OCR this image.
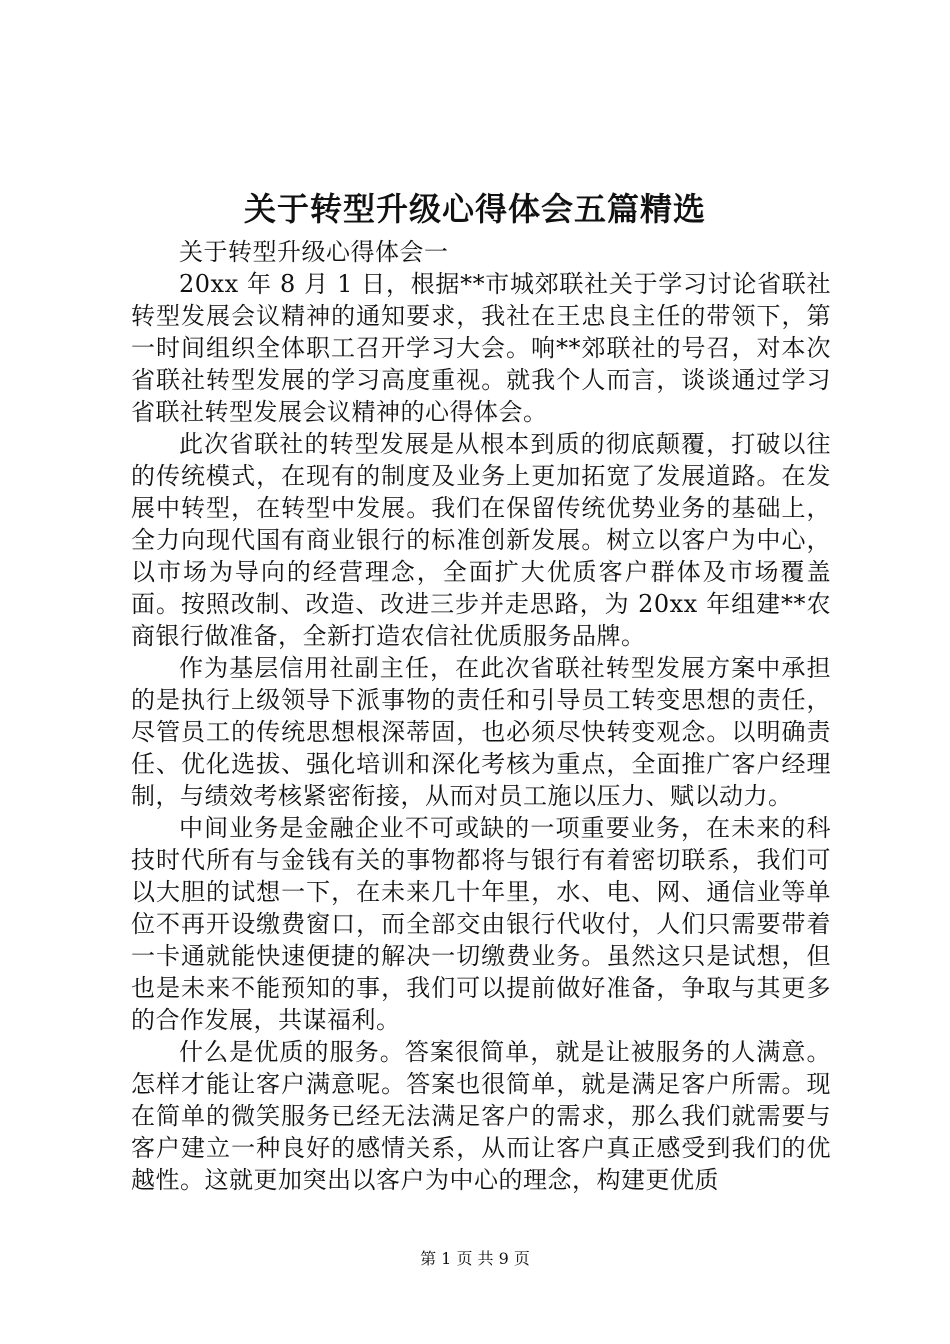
关于转型升级心得体会五篇精选

关于转型升级心得体会一

20xx 年 8 月 1 日，根据**市城郊联社关于学习讨论省联社转型发展会议精神的通知要求，我社在王忠良主任的带领下，第一时间组织全体职工召开学习大会。响**郊联社的号召，对本次省联社转型发展的学习高度重视。就我个人而言，谈谈通过学习省联社转型发展会议精神的心得体会。

此次省联社的转型发展是从根本到质的彻底颠覆，打破以往的传统模式，在现有的制度及业务上更加拓宽了发展道路。在发展中转型，在转型中发展。我们在保留传统优势业务的基础上，全力向现代国有商业银行的标准创新发展。树立以客户为中心，以市场为导向的经营理念，全面扩大优质客户群体及市场覆盖面。按照改制、改造、改进三步并走思路，为 20xx 年组建**农商银行做准备，全新打造农信社优质服务品牌。

作为基层信用社副主任，在此次省联社转型发展方案中承担的是执行上级领导下派事物的责任和引导员工转变思想的责任，尽管员工的传统思想根深蒂固，也必须尽快转变观念。以明确责任、优化选拔、强化培训和深化考核为重点，全面推广客户经理制，与绩效考核紧密衔接，从而对员工施以压力、赋以动力。

中间业务是金融企业不可或缺的一项重要业务，在未来的科技时代所有与金钱有关的事物都将与银行有着密切联系，我们可以大胆的试想一下，在未来几十年里，水、电、网、通信业等单位不再开设缴费窗口，而全部交由银行代收付，人们只需要带着一卡通就能快速便捷的解决一切缴费业务。虽然这只是试想，但也是未来不能预知的事，我们可以提前做好准备，争取与其更多的合作发展，共谋福利。

什么是优质的服务。答案很简单，就是让被服务的人满意。怎样才能让客户满意呢。答案也很简单，就是满足客户所需。现在简单的微笑服务已经无法满足客户的需求，那么我们就需要与客户建立一种良好的感情关系，从而让客户真正感受到我们的优越性。这就更加突出以客户为中心的理念，构建更优质

第 1 页 共 9 页
